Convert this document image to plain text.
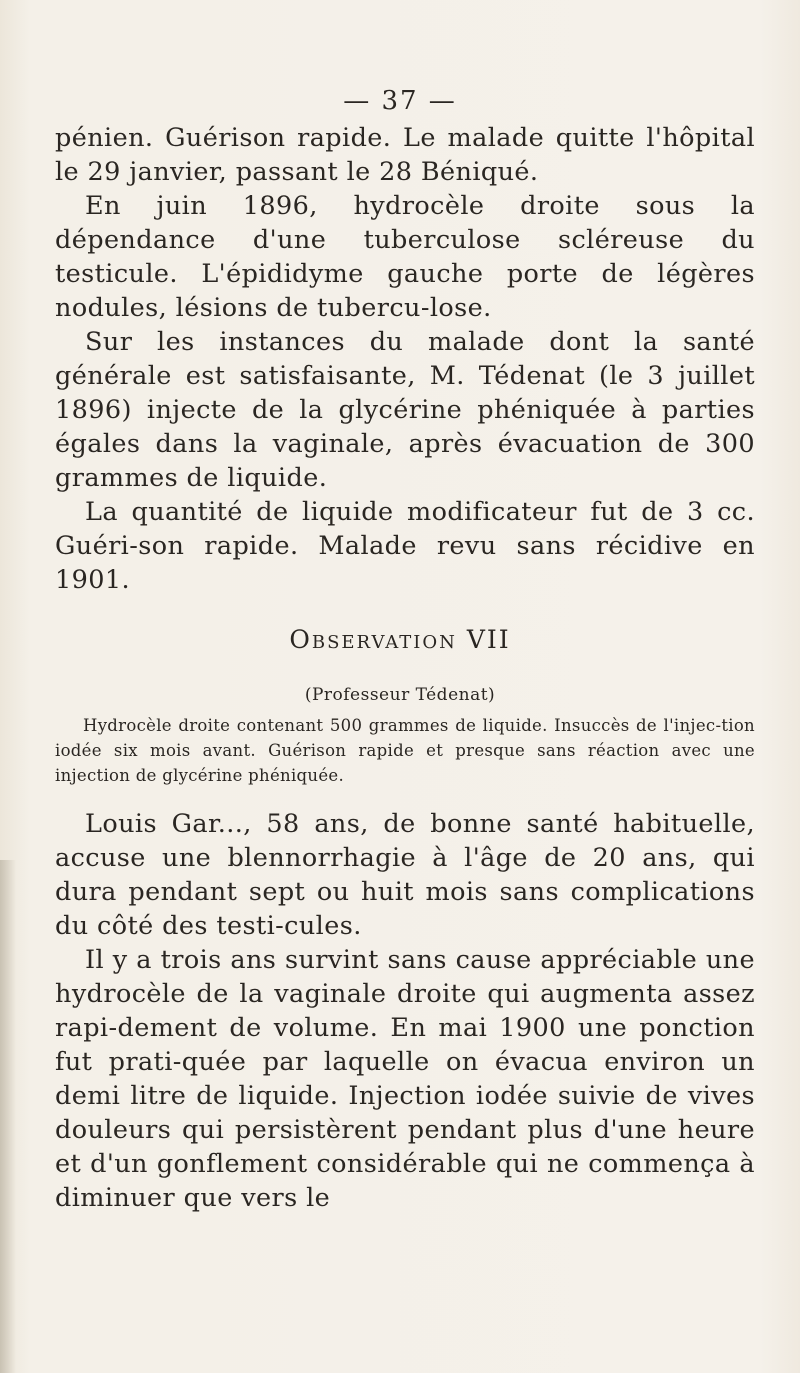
— 37 —

pénien. Guérison rapide. Le malade quitte l'hôpital le 29 janvier, passant le 28 Béniqué.

En juin 1896, hydrocèle droite sous la dépendance d'une tuberculose scléreuse du testicule. L'épididyme gauche porte de légères nodules, lésions de tubercu-lose.

Sur les instances du malade dont la santé générale est satisfaisante, M. Tédenat (le 3 juillet 1896) injecte de la glycérine phéniquée à parties égales dans la vaginale, après évacuation de 300 grammes de liquide.

La quantité de liquide modificateur fut de 3 cc. Guéri-son rapide. Malade revu sans récidive en 1901.

Observation VII
(Professeur Tédenat)

Hydrocèle droite contenant 500 grammes de liquide. Insuccès de l'injec-tion iodée six mois avant. Guérison rapide et presque sans réaction avec une injection de glycérine phéniquée.

Louis Gar..., 58 ans, de bonne santé habituelle, accuse une blennorrhagie à l'âge de 20 ans, qui dura pendant sept ou huit mois sans complications du côté des testi-cules.

Il y a trois ans survint sans cause appréciable une hydrocèle de la vaginale droite qui augmenta assez rapi-dement de volume. En mai 1900 une ponction fut prati-quée par laquelle on évacua environ un demi litre de liquide. Injection iodée suivie de vives douleurs qui persistèrent pendant plus d'une heure et d'un gonflement considérable qui ne commença à diminuer que vers le
